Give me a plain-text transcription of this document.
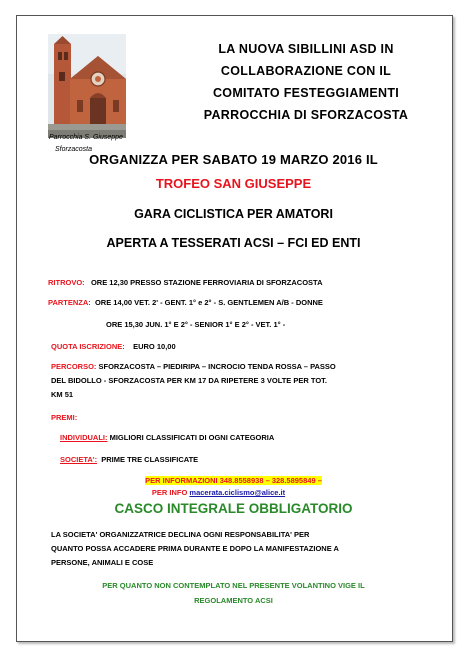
Parrocchia S. Giuseppe
Sforzacosta
LA NUOVA SIBILLINI ASD IN
COLLABORAZIONE CON IL
COMITATO FESTEGGIAMENTI
PARROCCHIA DI SFORZACOSTA
ORGANIZZA PER SABATO 19 MARZO 2016 IL
TROFEO SAN GIUSEPPE
GARA CICLISTICA PER AMATORI
APERTA A TESSERATI ACSI – FCI ED ENTI
RITROVO: ORE 12,30 PRESSO STAZIONE FERROVIARIA DI SFORZACOSTA
PARTENZA: ORE 14,00 VET. 2' - GENT. 1° e 2° - S. GENTLEMEN A/B - DONNE
ORE 15,30 JUN. 1° E 2° - SENIOR 1° E 2° - VET. 1° -
QUOTA ISCRIZIONE: EURO 10,00
PERCORSO: SFORZACOSTA – PIEDIRIPA – INCROCIO TENDA ROSSA – PASSO
DEL BIDOLLO - SFORZACOSTA PER KM 17 DA RIPETERE 3 VOLTE PER TOT.
KM 51
PREMI:
INDIVIDUALI: MIGLIORI CLASSIFICATI DI OGNI CATEGORIA
SOCIETA': PRIME TRE CLASSIFICATE
PER INFORMAZIONI 348.8558938 – 328.5895849 –
PER INFO macerata.ciclismo@alice.it
CASCO INTEGRALE OBBLIGATORIO
LA SOCIETA' ORGANIZZATRICE DECLINA OGNI RESPONSABILITA' PER
QUANTO POSSA ACCADERE PRIMA DURANTE E DOPO LA MANIFESTAZIONE A
PERSONE, ANIMALI E COSE
PER QUANTO NON CONTEMPLATO NEL PRESENTE VOLANTINO VIGE IL
REGOLAMENTO ACSI
